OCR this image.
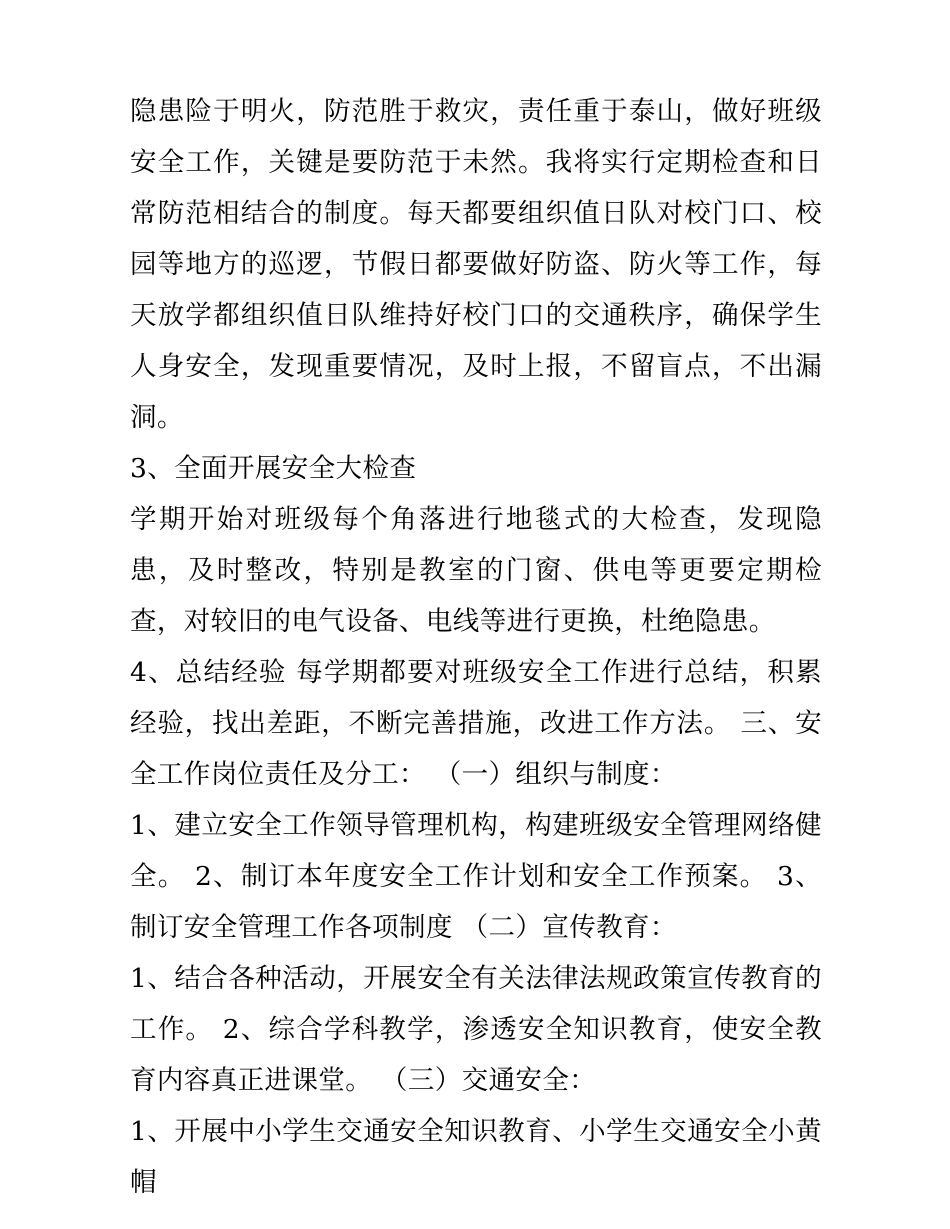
隐患险于明火，防范胜于救灾，责任重于泰山，做好班级安全工作，关键是要防范于未然。我将实行定期检查和日常防范相结合的制度。每天都要组织值日队对校门口、校园等地方的巡逻，节假日都要做好防盗、防火等工作，每天放学都组织值日队维持好校门口的交通秩序，确保学生人身安全，发现重要情况，及时上报，不留盲点，不出漏洞。

3、全面开展安全大检查

学期开始对班级每个角落进行地毯式的大检查，发现隐患，及时整改，特别是教室的门窗、供电等更要定期检查，对较旧的电气设备、电线等进行更换，杜绝隐患。

4、总结经验 每学期都要对班级安全工作进行总结，积累经验，找出差距，不断完善措施，改进工作方法。 三、安全工作岗位责任及分工： （一）组织与制度：

1、建立安全工作领导管理机构，构建班级安全管理网络健全。 2、制订本年度安全工作计划和安全工作预案。 3、制订安全管理工作各项制度 （二）宣传教育：

1、结合各种活动，开展安全有关法律法规政策宣传教育的工作。 2、综合学科教学，渗透安全知识教育，使安全教育内容真正进课堂。 （三）交通安全：

1、开展中小学生交通安全知识教育、小学生交通安全小黄帽
